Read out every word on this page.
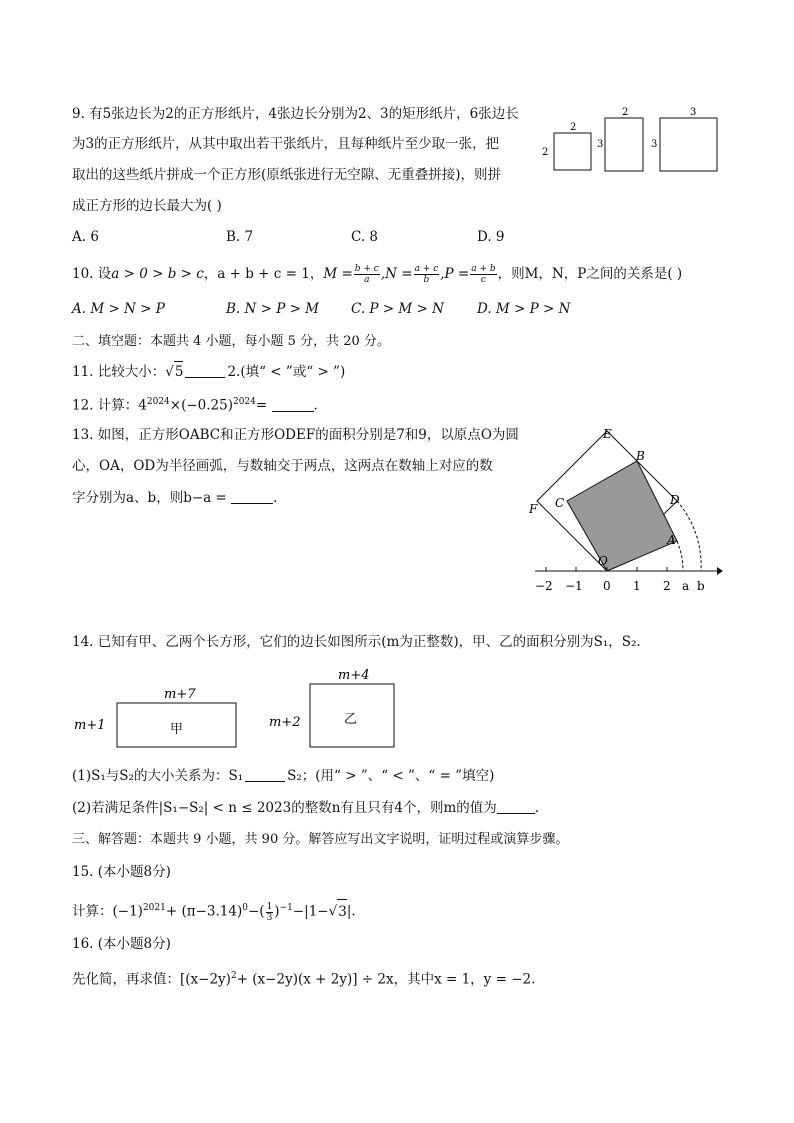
9. 有5张边长为2的正方形纸片，4张边长分别为2、3的矩形纸片，6张边长
为3的正方形纸片，从其中取出若干张纸片，且每种纸片至少取一张，把
取出的这些纸片拼成一个正方形(原纸张进行无空隙、无重叠拼接)，则拼
成正方形的边长最大为( )
2
2
2
3
3
3
A. 6	B. 7	C. 8	D. 9
10. 设a > 0 > b > c，a + b + c = 1，$M = \frac{b + c}{a} ,N = \frac{a + c}{b} ,P = \frac{a + b}{c}$ ，则M，N，P之间的关系是( )
A. M > N > P	B. N > P > M C. P > M > N D. M > P > N
二、填空题：本题共 4 小题，每小题 5 分，共 20 分。
11. 比较大小：√5	2.(填“ < ”或“ > ”)
12. 计算：$4^{2024}\times(-0.25)^{2024}=$	.
13. 如图，正方形OABC和正方形ODEF的面积分别是7和9，以原点O为圆
心，OA，OD为半径画弧，与数轴交于两点，这两点在数轴上对应的数
字分别为a、b，则b−a =	.
−2 −1 0 1 2 a b
E
B
C	D
F
A
O
14. 已知有甲、乙两个长方形，它们的边长如图所示(m为正整数)，甲、乙的面积分别为S₁，S₂.
m+7
m+1	甲
m+4
m+2	乙
(1)S₁与S₂的大小关系为：S₁	S₂；(用“ > ”、“ < ”、“ = ”填空)
(2)若满足条件|S₁−S₂| < n ≤ 2023的整数n有且只有4个，则m的值为	.
三、解答题：本题共 9 小题，共 90 分。解答应写出文字说明，证明过程或演算步骤。
15. (本小题8分)
计算：$(-1)^{2021}+ (\pi-3.14)^0-( \frac{1}{3} )^{-1}-|1-√3|$.
16. (本小题8分)
先化简，再求值：$[(x-2y)^2+ (x-2y)(x + 2y)] \div 2x$，其中x = 1，y = −2.
